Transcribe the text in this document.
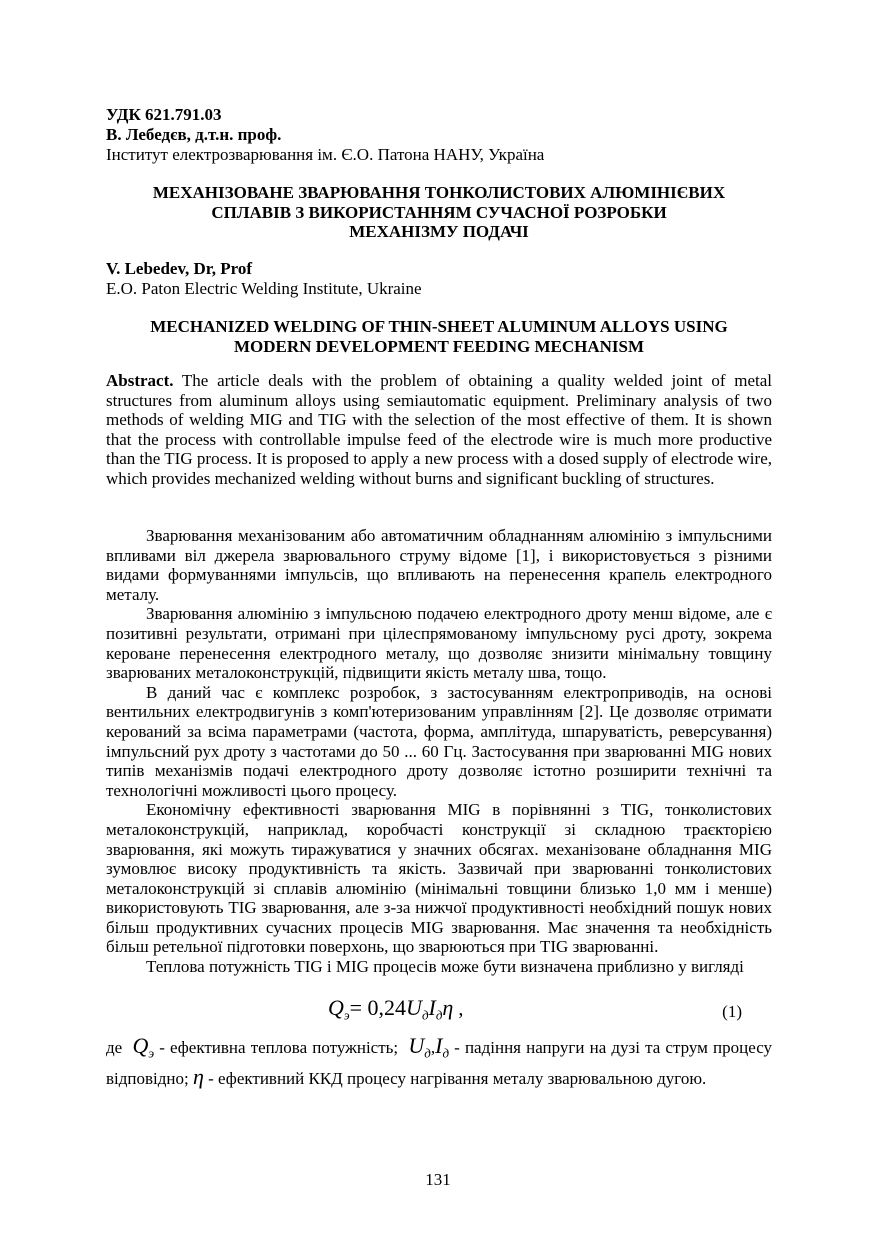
УДК 621.791.03
В. Лебедєв, д.т.н. проф.
Інститут електрозварювання ім. Є.О. Патона НАНУ, Україна
МЕХАНІЗОВАНЕ ЗВАРЮВАННЯ ТОНКОЛИСТОВИХ АЛЮМІНІЄВИХ
СПЛАВІВ З ВИКОРИСТАННЯМ СУЧАСНОЇ РОЗРОБКИ
МЕХАНІЗМУ ПОДАЧІ
V. Lebedev, Dr, Prof
E.O. Paton Electric Welding Institute, Ukraine
MECHANIZED WELDING OF THIN-SHEET ALUMINUM ALLOYS USING
MODERN DEVELOPMENT FEEDING MECHANISM

Abstract. The article deals with the problem of obtaining a quality welded joint of metal structures from aluminum alloys using semiautomatic equipment. Preliminary analysis of two methods of welding MIG and TIG with the selection of the most effective of them. It is shown that the process with controllable impulse feed of the electrode wire is much more productive than the TIG process. It is proposed to apply a new process with a dosed supply of electrode wire, which provides mechanized welding without burns and significant buckling of structures.

Зварювання механізованим або автоматичним обладнанням алюмінію з імпульсними впливами віл джерела зварювального струму відоме [1], і використовується з різними видами формуваннями імпульсів, що впливають на перенесення крапель електродного металу.

Зварювання алюмінію з імпульсною подачею електродного дроту менш відоме, але є позитивні результати, отримані при цілеспрямованому імпульсному русі дроту, зокрема кероване перенесення електродного металу, що дозволяє знизити мінімальну товщину зварюваних металоконструкцій, підвищити якість металу шва, тощо.

В даний час є комплекс розробок, з застосуванням електроприводів, на основі вентильних електродвигунів з комп'ютеризованим управлінням [2]. Це дозволяє отримати керований за всіма параметрами (частота, форма, амплітуда, шпаруватість, реверсування) імпульсний рух дроту з частотами до 50 ... 60 Гц. Застосування при зварюванні MIG нових типів механізмів подачі електродного дроту дозволяє істотно розширити технічні та технологічні можливості цього процесу.

Економічну ефективності зварювання MIG в порівнянні з TIG, тонколистових металоконструкцій, наприклад, коробчасті конструкції зі складною траєкторією зварювання, які можуть тиражуватися у значних обсягах. механізоване обладнання MIG зумовлює високу продуктивність та якість. Зазвичай при зварюванні тонколистових металоконструкцій зі сплавів алюмінію (мінімальні товщини близько 1,0 мм і менше) використовують TIG зварювання, але з-за нижчої продуктивності необхідний пошук нових більш продуктивних сучасних процесів MIG зварювання. Має значення та необхідність більш ретельної підготовки поверхонь, що зварюються при TIG зварюванні.

Теплова потужність TIG і MIG процесів може бути визначена приблизно у вигляді

$Q_э= 0,24U_дI_д\eta$ ,	(1)

де $Q_э$ - ефективна теплова потужність; $U_д,I_д$ - падіння напруги на дузі та струм процесу відповідно; η - ефективний ККД процесу нагрівання металу зварювальною дугою.

131
